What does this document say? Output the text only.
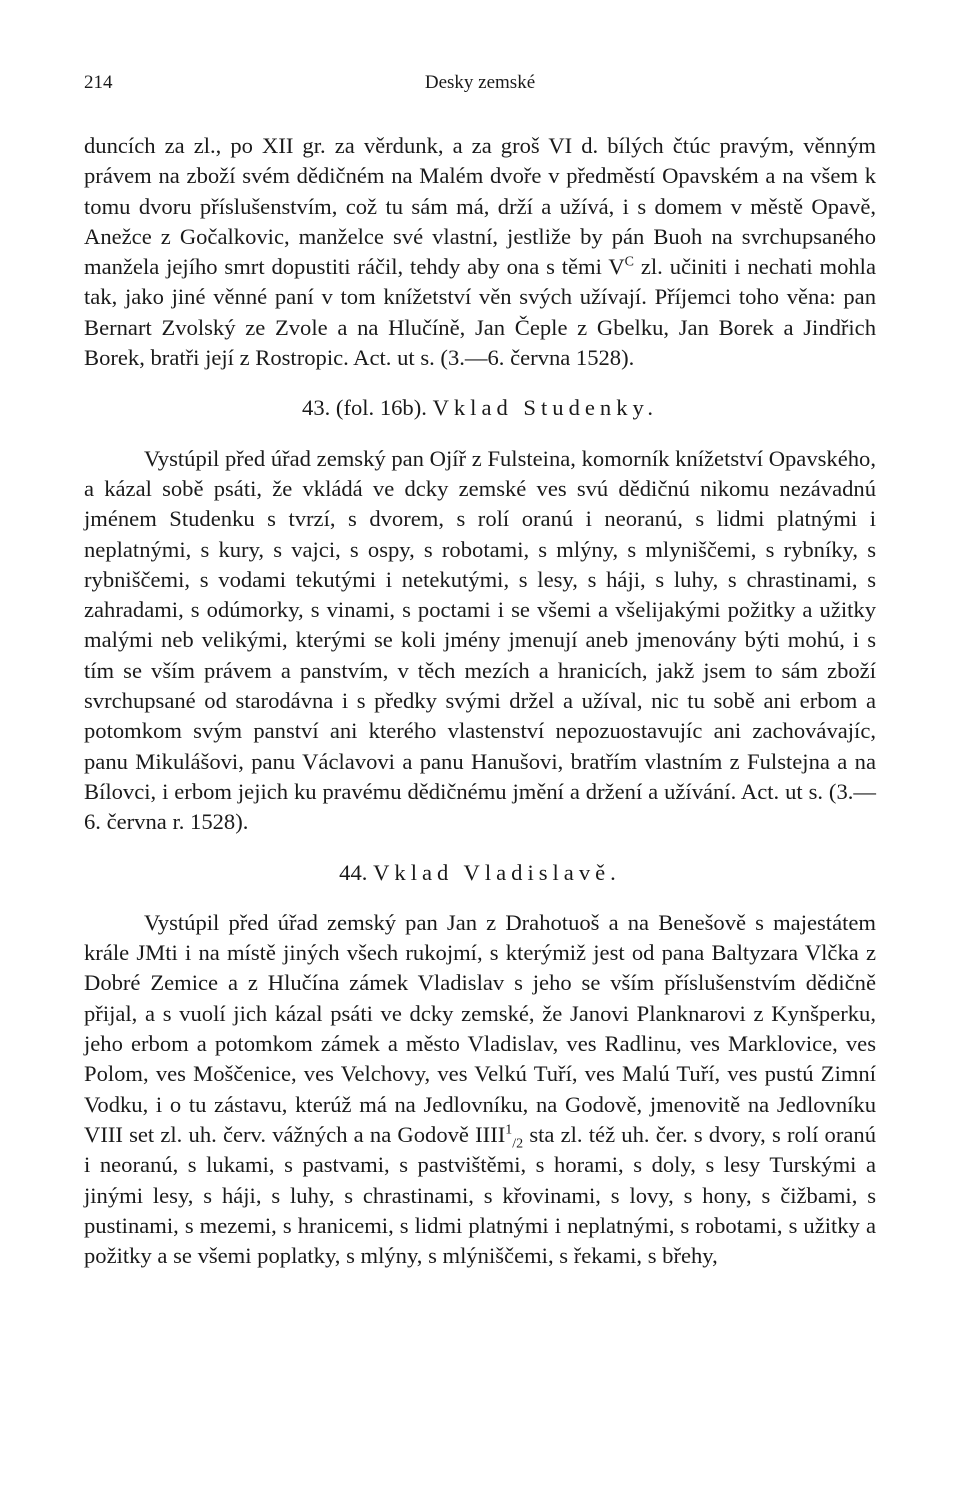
214	Desky zemské

duncích za zl., po XII gr. za věrdunk, a za groš VI d. bílých čtúc pravým, věnným právem na zboží svém dědičném na Malém dvoře v předměstí Opavském a na všem k tomu dvoru příslušenstvím, což tu sám má, drží a užívá, i s domem v městě Opavě, Anežce z Gočalkovic, manželce své vlastní, jestliže by pán Buoh na svrchupsaného manžela jejího smrt dopustiti ráčil, tehdy aby ona s těmi $V^C$ zl. učiniti i nechati mohla tak, jako jiné věnné paní v tom knížetství věn svých užívají. Příjemci toho věna: pan Bernart Zvolský ze Zvole a na Hlučíně, Jan Čeple z Gbelku, Jan Borek a Jindřich Borek, bratři její z Rostropic. Act. ut s. (3.—6. června 1528).

43. (fol. 16b). Vklad Studenky.

Vystúpil před úřad zemský pan Ojíř z Fulsteina, komorník knížetství Opavského, a kázal sobě psáti, že vkládá ve dcky zemské ves svú dědičnú nikomu nezávadnú jménem Studenku s tvrzí, s dvorem, s rolí oranú i neoranú, s lidmi platnými i neplatnými, s kury, s vajci, s ospy, s robotami, s mlýny, s mlyniščemi, s rybníky, s rybniščemi, s vodami tekutými i netekutými, s lesy, s háji, s luhy, s chrastinami, s zahradami, s odúmorky, s vinami, s poctami i se všemi a všelijakými požitky a užitky malými neb velikými, kterými se koli jmény jmenují aneb jmenovány býti mohú, i s tím se vším právem a panstvím, v těch mezích a hranicích, jakž jsem to sám zboží svrchupsané od starodávna i s předky svými držel a užíval, nic tu sobě ani erbom a potomkom svým panství ani kterého vlastenství nepozuostavujíc ani zachovávajíc, panu Mikulášovi, panu Václavovi a panu Hanušovi, bratřím vlastním z Fulstejna a na Bílovci, i erbom jejich ku pravému dědičnému jmění a držení a užívání. Act. ut s. (3.—6. června r. 1528).

44. Vklad Vladislavě.

Vystúpil před úřad zemský pan Jan z Drahotuoš a na Benešově s majestátem krále JMti i na místě jiných všech rukojmí, s kterýmiž jest od pana Baltyzara Vlčka z Dobré Zemice a z Hlučína zámek Vladislav s jeho se vším příslušenstvím dědičně přijal, a s vuolí jich kázal psáti ve dcky zemské, že Janovi Planknarovi z Kynšperku, jeho erbom a potomkom zámek a město Vladislav, ves Radlinu, ves Marklovice, ves Polom, ves Moščenice, ves Velchovy, ves Velkú Tuří, ves Malú Tuří, ves pustú Zimní Vodku, i o tu zástavu, kterúž má na Jedlovníku, na Godově, jmenovitě na Jedlovníku VIII set zl. uh. červ. vážných a na Godově $IIII^1_{/2}$ sta zl. též uh. čer. s dvory, s rolí oranú i neoranú, s lukami, s pastvami, s pastvištěmi, s horami, s doly, s lesy Turskými a jinými lesy, s háji, s luhy, s chrastinami, s křovinami, s lovy, s hony, s čižbami, s pustinami, s mezemi, s hranicemi, s lidmi platnými i neplatnými, s robotami, s užitky a požitky a se všemi poplatky, s mlýny, s mlýniščemi, s řekami, s břehy,
